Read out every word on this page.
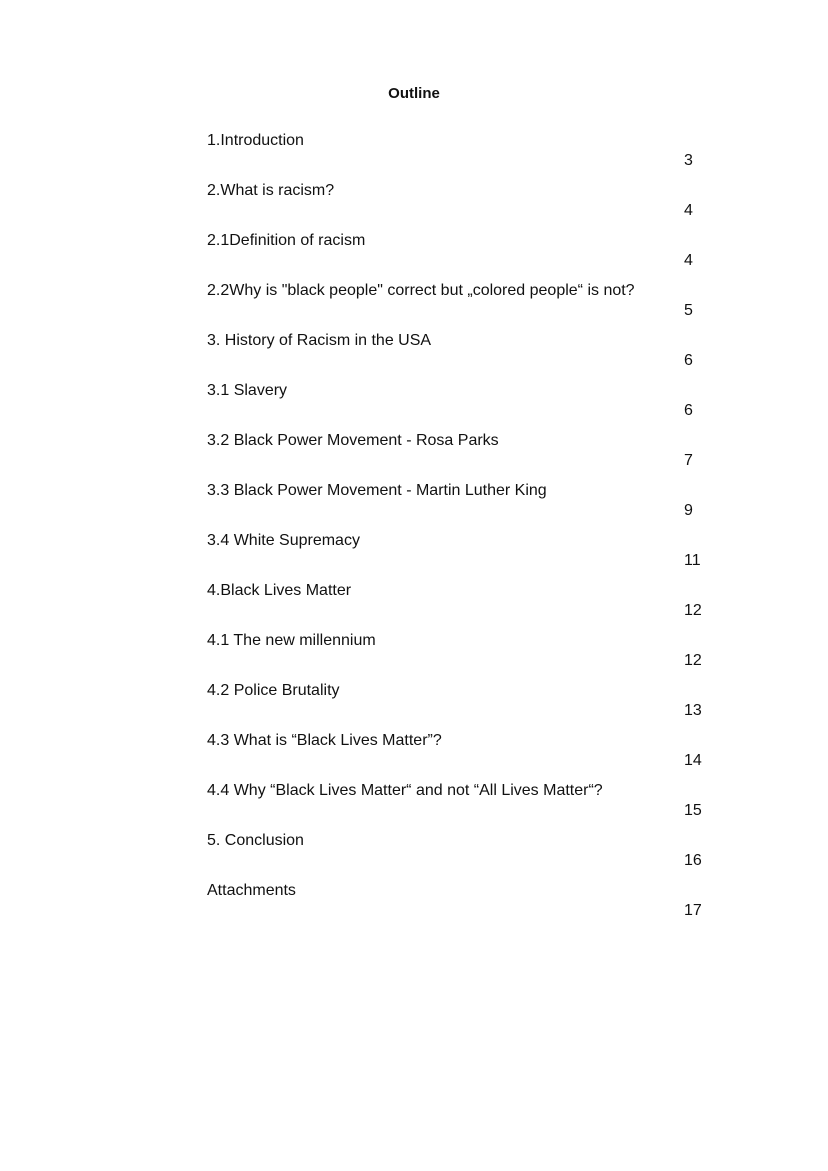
Outline
1.Introduction
3
2.What is racism?
4
2.1Definition of racism
4
2.2Why is "black people" correct but „colored people“ is not?
5
3. History of Racism in the USA
6
3.1 Slavery
6
3.2 Black Power Movement - Rosa Parks
7
3.3 Black Power Movement - Martin Luther King
9
3.4 White Supremacy
11
4.Black Lives Matter
12
4.1 The new millennium
12
4.2 Police Brutality
13
4.3 What is “Black Lives Matter”?
14
4.4 Why “Black Lives Matter“ and not “All Lives Matter“?
15
5. Conclusion
16
Attachments
17
